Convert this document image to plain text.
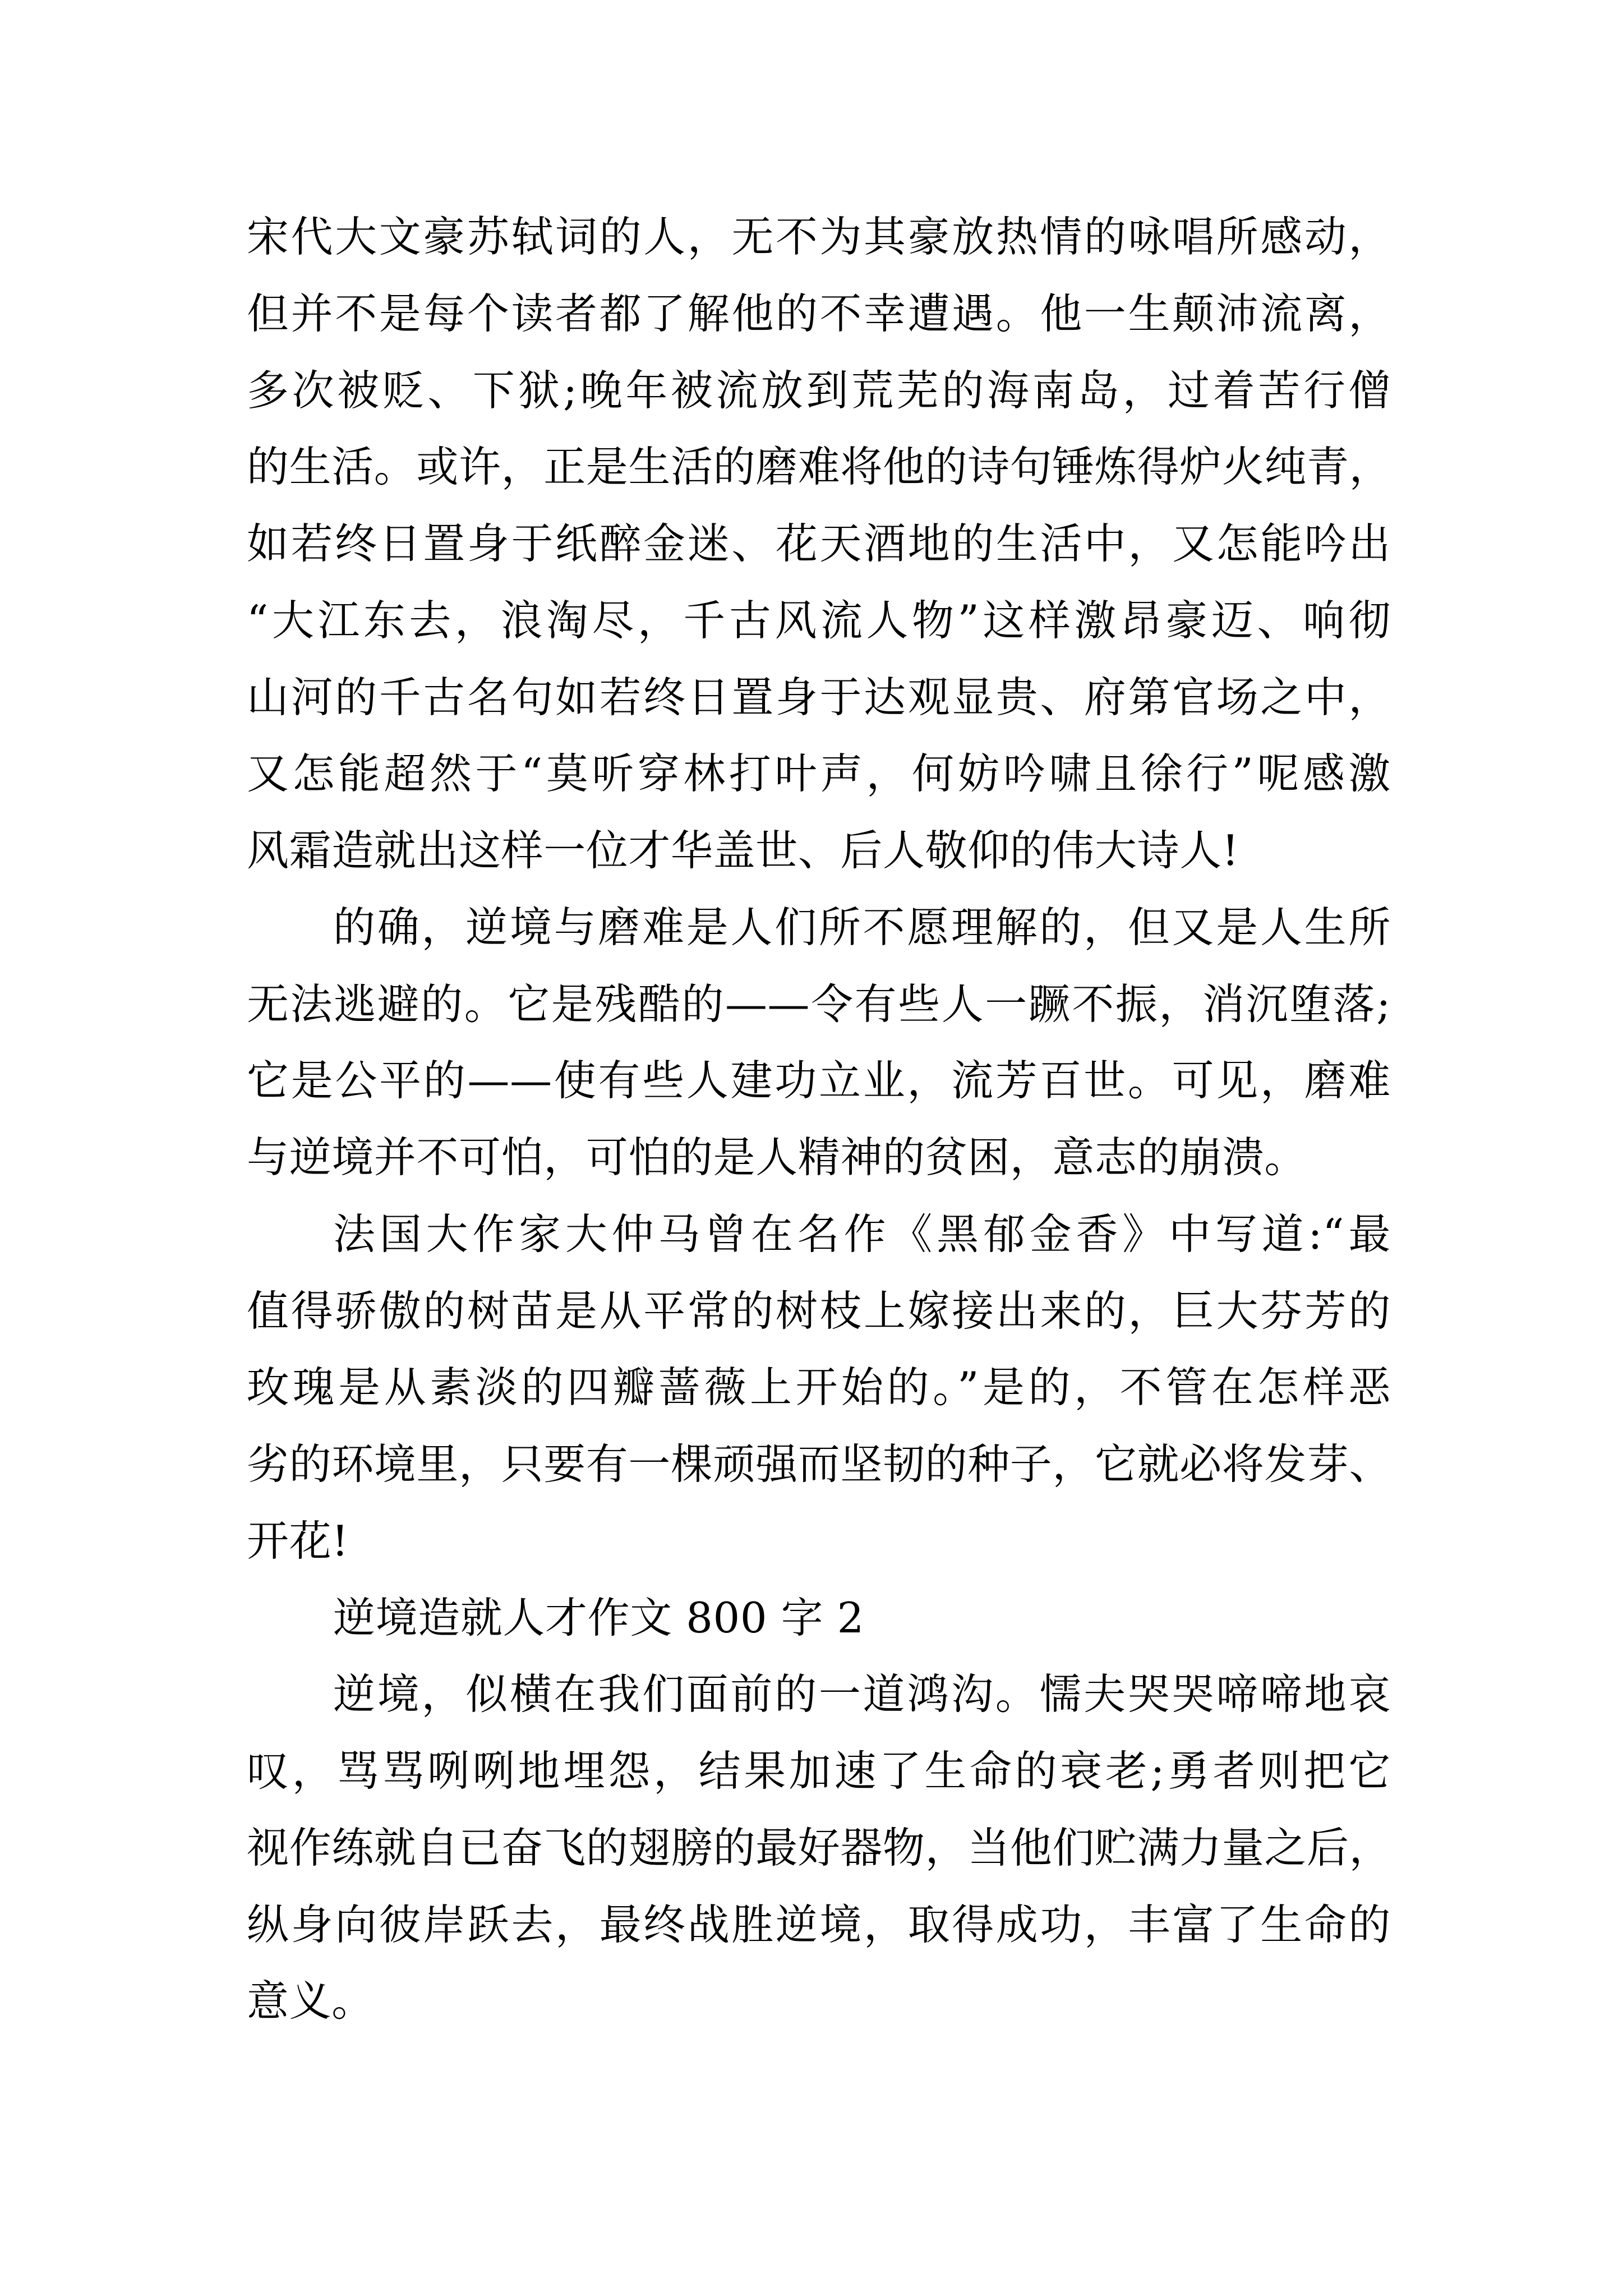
宋代大文豪苏轼词的人，无不为其豪放热情的咏唱所感动，
但并不是每个读者都了解他的不幸遭遇。他一生颠沛流离，
多次被贬、下狱;晚年被流放到荒芜的海南岛，过着苦行僧
的生活。或许，正是生活的磨难将他的诗句锤炼得炉火纯青，
如若终日置身于纸醉金迷、花天酒地的生活中，又怎能吟出
“大江东去，浪淘尽，千古风流人物”这样激昂豪迈、响彻
山河的千古名句如若终日置身于达观显贵、府第官场之中，
又怎能超然于“莫听穿林打叶声，何妨吟啸且徐行”呢感激
风霜造就出这样一位才华盖世、后人敬仰的伟大诗人!
的确，逆境与磨难是人们所不愿理解的，但又是人生所
无法逃避的。它是残酷的——令有些人一蹶不振，消沉堕落;
它是公平的——使有些人建功立业，流芳百世。可见，磨难
与逆境并不可怕，可怕的是人精神的贫困，意志的崩溃。
法国大作家大仲马曾在名作《黑郁金香》中写道:“最
值得骄傲的树苗是从平常的树枝上嫁接出来的，巨大芬芳的
玫瑰是从素淡的四瓣蔷薇上开始的。”是的，不管在怎样恶
劣的环境里，只要有一棵顽强而坚韧的种子，它就必将发芽、
开花!
逆境造就人才作文 800 字 2
逆境，似横在我们面前的一道鸿沟。懦夫哭哭啼啼地哀
叹，骂骂咧咧地埋怨，结果加速了生命的衰老;勇者则把它
视作练就自已奋飞的翅膀的最好器物，当他们贮满力量之后，
纵身向彼岸跃去，最终战胜逆境，取得成功，丰富了生命的
意义。
